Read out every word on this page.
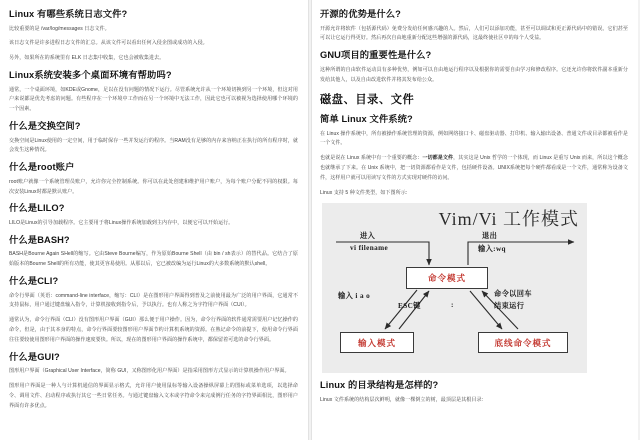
Linux 有哪些系统日志文件?

比较重要的是 /var/log/messages 日志文件。

该日志文件是许多进程日志文件的汇总。从该文件可以看出任何入侵企图或成功的入侵。

另外，如果所在的系统里有 ELK 日志集中收集，它也会被收集进去。

Linux系统安装多个桌面环境有帮助吗?

通常，一个桌面环境，如KDE或Gnome，足以在没有问题的情况下运行。尽管系统允许从一个环境切换到另一个环境，但这对用户来说都是优先考虑的问题。有些程序在一个环境中工作而在另一个环境中无法工作，因此它也可以被视为选择使用哪个环境的一个因素。

什么是交换空间?

交换空间是Linux使用的一定空间，用于临时保存一些并发运行的程序。当RAM没有足够的内存来容纳正在执行的所有程序时，就会发生这种情况。

什么是root账户

root账户就像一个系统管理员账户，允许你完全控制系统。你可以在此处创建和维护用户账户，为每个账户分配不同的权限。每次安装Linux时都是默认账户。

什么是LILO?

LILO是Linux的引导加载程序。它主要用于将Linux操作系统加载到主内存中，以便它可以开始运行。

什么是BASH?

BASH是Bourne Again SHell的缩写。它由Steve Bourne编写，作为原始Bourne Shell（由 bin / sh表示）的替代品。它结合了原始版本的Bourne Shell的所有功能，使其更容易使用。从那以后，它已被改编为运行Linux的大多数系统的默认shell。

什么是CLI?

命令行界面（英语：command-line interface，缩写：CLI）是在图形用户界面得到普及之前使用最为广泛的用户界面，它通常不支持鼠标，用户通过键盘输入指令，计算机接收到指令后，予以执行。也有人称之为字符用户界面（CUI）。

通常认为，命令行界面（CLI）没有图形用户界面（GUI）那么便于用户操作。因为，命令行界面的软件通常需要用户记忆操作的命令，但是，由于其本身的特点，命令行界面要较图形用户界面节约计算机系统的资源。在熟记命令的前提下，使用命令行界面往往要较使用图形用户界面的操作速度要快。所以，现在的图形用户界面的操作系统中，都保留着可选的命令行界面。

什么是GUI?

图形用户界面（Graphical User Interface，简称 GUI，又称图形化用户界面）是指采用图形方式显示的计算机操作用户界面。

图形用户界面是一种人与计算机通信的界面显示格式，允许用户使用鼠标等输入设备操纵屏幕上的图标或菜单选项，以选择命令、调用文件、启动程序或执行其它一些日常任务。与通过键盘输入文本或字符命令来完成例行任务的字符界面相比，图形用户界面有许多优点。

开源的优势是什么?

开源允许将软件（包括源代码）免费分发给任何感兴趣的人。然后，人们可以添加功能，甚至可以调试和更正源代码中的错误。它们甚至可以让它运行得更好。然后再次自由地重新分配这些增强的源代码，这最终使社区中的每个人受益。

GNU项目的重要性是什么?

这种所谓的自由软件运动具有多种优势，例如可以自由地运行程序以及根据你的需要自由学习和修改程序。它还允许你将软件副本重新分发给其他人，以及自由改进软件并将其发布给公众。

磁盘、目录、文件
简单 Linux 文件系统?

在 Linux 操作系统中，所有被操作系统管理的资源，例如网络接口卡、磁盘驱动器、打印机、输入输出设备、普通文件或目录都被看作是一个文件。

也就是说在 Linux 系统中有一个重要的概念：一切都是文件，其实这是 Unix 哲学的一个体现，而 Linux 是重写 Unix 而来，所以这个概念也就继承了下来。在 Unix 系统中，把一切资源都看作是文件，包括硬件设备。UNIX系统把每个硬件都看成是一个文件，通常称为设备文件，这样用户就可以用读写文件的方式实现对硬件的访问。

Linux 支持 5 种文件类型，如下图所示:

Vim/Vi 工作模式
进入
vi filename
退出
输入:wq
输入 i a o
ESC键	:
命令以回车
结束运行
命令模式
输入模式	底线命令模式
Linux 的目录结构是怎样的?

Linux 文件系统的结构层次鲜明，就像一棵倒立的树，最顶层是其根目录:
